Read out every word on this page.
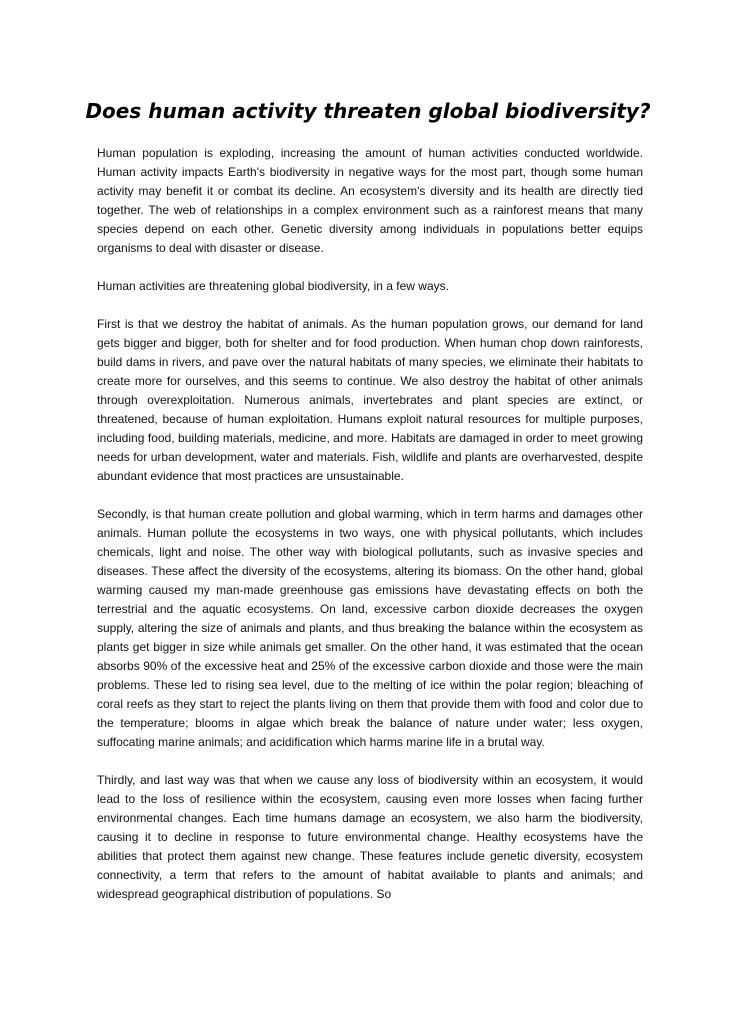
Does human activity threaten global biodiversity?

Human population is exploding, increasing the amount of human activities conducted worldwide. Human activity impacts Earth's biodiversity in negative ways for the most part, though some human activity may benefit it or combat its decline. An ecosystem's diversity and its health are directly tied together. The web of relationships in a complex environment such as a rainforest means that many species depend on each other. Genetic diversity among individuals in populations better equips organisms to deal with disaster or disease.

Human activities are threatening global biodiversity, in a few ways.

First is that we destroy the habitat of animals. As the human population grows, our demand for land gets bigger and bigger, both for shelter and for food production. When human chop down rainforests, build dams in rivers, and pave over the natural habitats of many species, we eliminate their habitats to create more for ourselves, and this seems to continue. We also destroy the habitat of other animals through overexploitation. Numerous animals, invertebrates and plant species are extinct, or threatened, because of human exploitation. Humans exploit natural resources for multiple purposes, including food, building materials, medicine, and more. Habitats are damaged in order to meet growing needs for urban development, water and materials. Fish, wildlife and plants are overharvested, despite abundant evidence that most practices are unsustainable.

Secondly, is that human create pollution and global warming, which in term harms and damages other animals. Human pollute the ecosystems in two ways, one with physical pollutants, which includes chemicals, light and noise. The other way with biological pollutants, such as invasive species and diseases. These affect the diversity of the ecosystems, altering its biomass. On the other hand, global warming caused my man-made greenhouse gas emissions have devastating effects on both the terrestrial and the aquatic ecosystems. On land, excessive carbon dioxide decreases the oxygen supply, altering the size of animals and plants, and thus breaking the balance within the ecosystem as plants get bigger in size while animals get smaller. On the other hand, it was estimated that the ocean absorbs 90% of the excessive heat and 25% of the excessive carbon dioxide and those were the main problems. These led to rising sea level, due to the melting of ice within the polar region; bleaching of coral reefs as they start to reject the plants living on them that provide them with food and color due to the temperature; blooms in algae which break the balance of nature under water; less oxygen, suffocating marine animals; and acidification which harms marine life in a brutal way.

Thirdly, and last way was that when we cause any loss of biodiversity within an ecosystem, it would lead to the loss of resilience within the ecosystem, causing even more losses when facing further environmental changes. Each time humans damage an ecosystem, we also harm the biodiversity, causing it to decline in response to future environmental change. Healthy ecosystems have the abilities that protect them against new change. These features include genetic diversity, ecosystem connectivity, a term that refers to the amount of habitat available to plants and animals; and widespread geographical distribution of populations. So
